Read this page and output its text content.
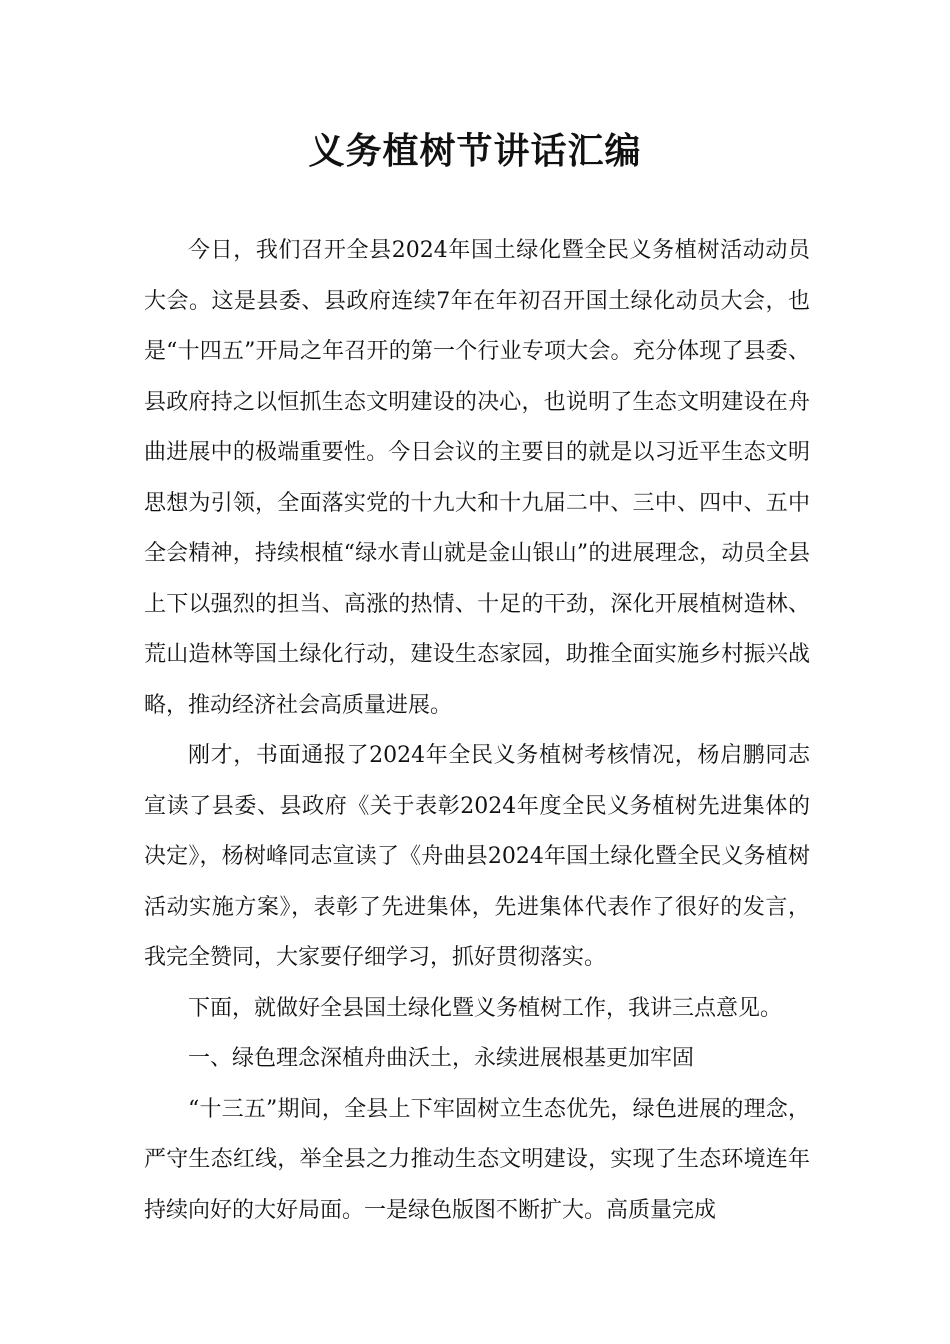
义务植树节讲话汇编

今日，我们召开全县2024年国土绿化暨全民义务植树活动动员大会。这是县委、县政府连续7年在年初召开国土绿化动员大会，也是“十四五”开局之年召开的第一个行业专项大会。充分体现了县委、县政府持之以恒抓生态文明建设的决心，也说明了生态文明建设在舟曲进展中的极端重要性。今日会议的主要目的就是以习近平生态文明思想为引领，全面落实党的十九大和十九届二中、三中、四中、五中全会精神，持续根植“绿水青山就是金山银山”的进展理念，动员全县上下以强烈的担当、高涨的热情、十足的干劲，深化开展植树造林、荒山造林等国土绿化行动，建设生态家园，助推全面实施乡村振兴战略，推动经济社会高质量进展。

刚才，书面通报了2024年全民义务植树考核情况，杨启鹏同志宣读了县委、县政府《关于表彰2024年度全民义务植树先进集体的决定》，杨树峰同志宣读了《舟曲县2024年国土绿化暨全民义务植树活动实施方案》，表彰了先进集体，先进集体代表作了很好的发言，我完全赞同，大家要仔细学习，抓好贯彻落实。

下面，就做好全县国土绿化暨义务植树工作，我讲三点意见。

一、绿色理念深植舟曲沃土，永续进展根基更加牢固

“十三五”期间，全县上下牢固树立生态优先，绿色进展的理念，严守生态红线，举全县之力推动生态文明建设，实现了生态环境连年持续向好的大好局面。一是绿色版图不断扩大。高质量完成
